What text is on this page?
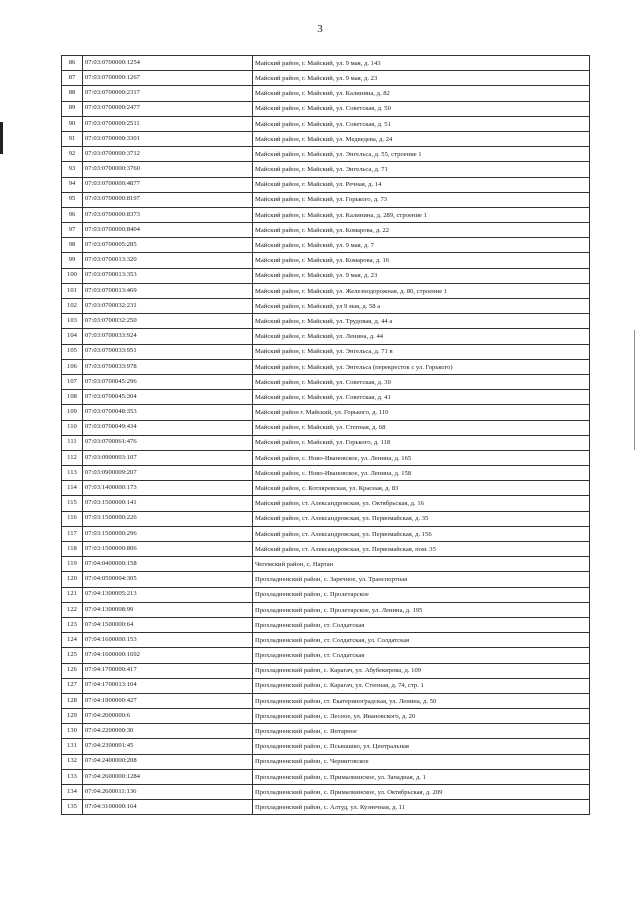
3
86	07:03:0700000:1254	Майский район, г. Майский, ул. 9 мая, д. 143
87	07:03:0700000:1267	Майский район, г. Майский, ул. 9 мая, д. 23
88	07:03:0700000:2317	Майский район, г. Майский, ул. Калинина, д. 82
89	07:03:0700000:2477	Майский район, г. Майский, ул. Советская, д. 50
90	07:03:0700000:2511	Майский район, г. Майский, ул. Советская, д. 51
91	07:03:0700000:3301	Майский район, г. Майский, ул. Медведева, д. 24
92	07:03:0700000:3712	Майский район, г. Майский, ул. Энгельса, д. 55, строение 1
93	07:03:0700000:3760	Майский район, г. Майский, ул. Энгельса, д. 71
94	07:03:0700000:4877	Майский район, г. Майский, ул. Речная, д. 14
95	07:03:0700000:8197	Майский район, г. Майский, ул. Горького, д. 73
96	07:03:0700000:8373	Майский район, г. Майский, ул. Калинина, д. 289, строение 1
97	07:03:0700000:8404	Майский район, г. Майский, ул. Комарова, д. 22
98	07:03:0700005:285	Майский район, г. Майский, ул. 9 мая, д. 7
99	07:03:0700013:320	Майский район, г. Майский, ул. Комарова, д. 16
100	07:03:0700013:353	Майский район, г. Майский, ул. 9 мая, д. 23
101	07:03:0700013:469	Майский район, г. Майский, ул. Железнодорожная, д. 80, строение 1
102	07:03:0700032:231	Майский район, г. Майский, ул 9 мая, д. 58 а
103	07:03:0700032:250	Майский район, г. Майский, ул. Трудовая, д. 44 а
104	07:03:0700033:924	Майский район, г. Майский, ул. Ленина, д. 44
105	07:03:0700033:951	Майский район, г. Майский, ул. Энгельса, д. 71 в
106	07:03:0700033:978	Майский район, г. Майский, ул. Энгельса (перекресток с ул. Горького)
107	07:03:0700045:296	Майский район, г. Майский, ул. Советская, д. 30
108	07:03:0700045:304	Майский район, г. Майский, ул. Советская, д. 41
109	07:03:0700048:353	Майский район г. Майский, ул. Горького, д. 110
110	07:03:0700049:434	Майский район, г. Майский, ул. Степная, д. 68
111	07:03:0700061:476	Майский район, г. Майский, ул. Горького, д. 118
112	07:03:0900003:107	Майский район, с. Ново-Ивановское, ул. Ленина, д. 165
113	07:03:0900009:207	Майский район, с. Ново-Ивановское, ул. Ленина, д. 158
114	07:03:1400000:173	Майский район, с. Котляревская, ул. Красная, д. 83
115	07:03:1500000:141	Майский район, ст. Александровская, ул. Октябрьская, д. 16
116	07:03:1500000:226	Майский район, ст. Александровская, ул. Первомайская, д. 35
117	07:03:1500000:296	Майский район, ст. Александровская, ул. Первомайская, д. 156
118	07:03:1500000:806	Майский район, ст. Александровская, ул. Первомайская, пом. 35
119	07:04:0400000:158	Чегемский район, с. Нартан
120	07:04:0500004:305	Прохладненский район, с. Заречное, ул. Транспортная
121	07:04:1300005:213	Прохладненский район, с. Пролетарское
122	07:04:1300008:99	Прохладненский район, с. Пролетарское, ул. Ленина, д. 195
123	07:04:1500000:64	Прохладненский район, ст. Солдатская
124	07:04:1600000:153	Прохладненский район, ст. Солдатская, ул. Солдатская
125	07:04:1600000:1692	Прохладненский район, ст. Солдатская
126	07:04:1700000:417	Прохладненский район, с. Карагач, ул. Абубекирова, д. 109
127	07:04:1700013:104	Прохладненский район, с. Карагач, ул. Степная, д. 74, стр. 1
128	07:04:1900000:427	Прохладненский район, ст. Екатериноградская, ул. Ленина, д. 50
129	07:04:2000000:6	Прохладненский район, с. Лесное, ул. Ивановского, д. 20
130	07:04:2200000:30	Прохладненский район, с. Янтарное
131	07:04:2300001:45	Прохладненский район, с. Псынашко, ул. Центральная
132	07:04:2400000:208	Прохладненский район, с. Черниговское
133	07:04:2600000:1284	Прохладненский район, с. Прималкинское, ул. Западная, д. 1
134	07:04:2600011:136	Прохладненский район, с. Прималкинское, ул. Октябрьская, д. 209
135	07:04:3100000:164	Прохладненский район, с. Алтуд, ул. Кузнечная, д. 11
